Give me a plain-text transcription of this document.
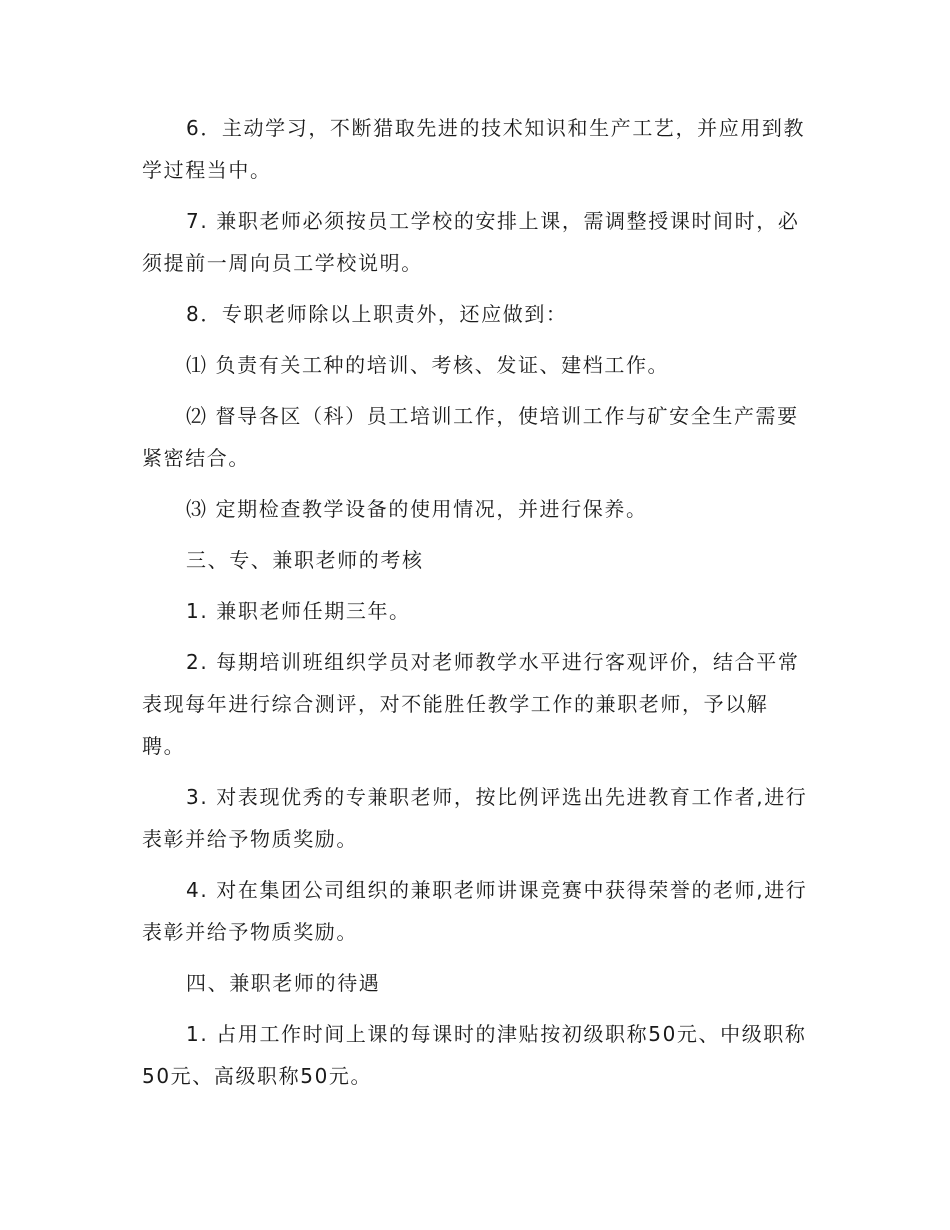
6．主动学习，不断猎取先进的技术知识和生产工艺，并应用到教学过程当中。

7. 兼职老师必须按员工学校的安排上课，需调整授课时间时，必须提前一周向员工学校说明。

8．专职老师除以上职责外，还应做到：

⑴ 负责有关工种的培训、考核、发证、建档工作。

⑵ 督导各区（科）员工培训工作，使培训工作与矿安全生产需要紧密结合。

⑶ 定期检查教学设备的使用情况，并进行保养。

三、专、兼职老师的考核

1. 兼职老师任期三年。

2. 每期培训班组织学员对老师教学水平进行客观评价，结合平常表现每年进行综合测评，对不能胜任教学工作的兼职老师，予以解聘。

3. 对表现优秀的专兼职老师，按比例评选出先进教育工作者,进行表彰并给予物质奖励。

4. 对在集团公司组织的兼职老师讲课竞赛中获得荣誉的老师,进行表彰并给予物质奖励。

四、兼职老师的待遇

1. 占用工作时间上课的每课时的津贴按初级职称50元、中级职称50元、高级职称50元。
